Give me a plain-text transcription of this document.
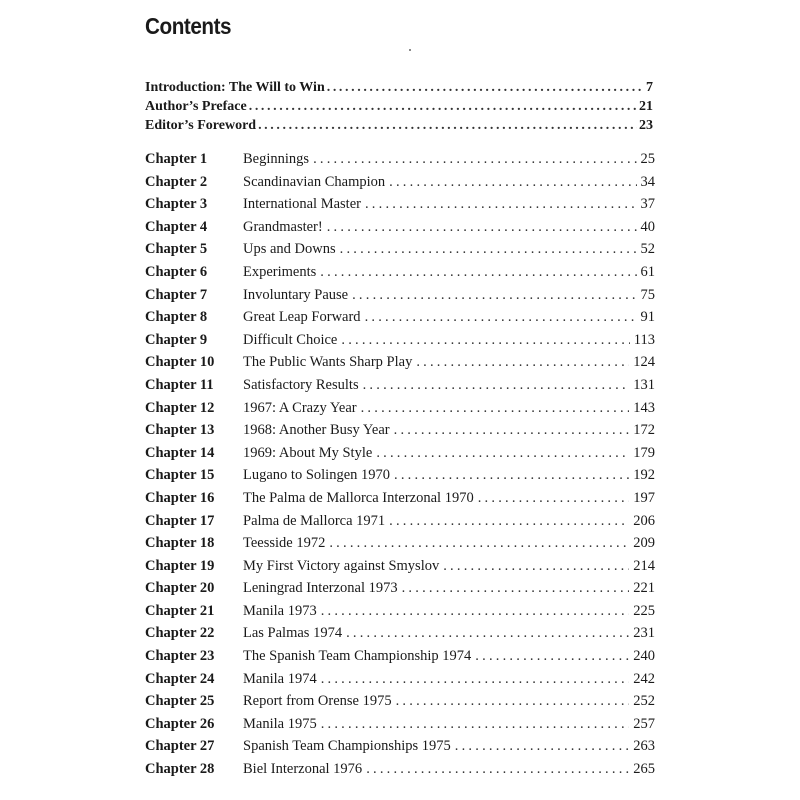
Contents
Introduction: The Will to Win .....	7
Author’s Preface .....	21
Editor’s Foreword .....	23
Chapter 1	Beginnings .....	25
Chapter 2	Scandinavian Champion .....	34
Chapter 3	International Master .....	37
Chapter 4	Grandmaster! .....	40
Chapter 5	Ups and Downs .....	52
Chapter 6	Experiments .....	61
Chapter 7	Involuntary Pause .....	75
Chapter 8	Great Leap Forward .....	91
Chapter 9	Difficult Choice .....	113
Chapter 10	The Public Wants Sharp Play .....	124
Chapter 11	Satisfactory Results .....	131
Chapter 12	1967: A Crazy Year .....	143
Chapter 13	1968: Another Busy Year .....	172
Chapter 14	1969: About My Style .....	179
Chapter 15	Lugano to Solingen 1970 .....	192
Chapter 16	The Palma de Mallorca Interzonal 1970 .....	197
Chapter 17	Palma de Mallorca 1971 .....	206
Chapter 18	Teesside 1972 .....	209
Chapter 19	My First Victory against Smyslov .....	214
Chapter 20	Leningrad Interzonal 1973 .....	221
Chapter 21	Manila 1973 .....	225
Chapter 22	Las Palmas 1974 .....	231
Chapter 23	The Spanish Team Championship 1974 .....	240
Chapter 24	Manila 1974 .....	242
Chapter 25	Report from Orense 1975 .....	252
Chapter 26	Manila 1975 .....	257
Chapter 27	Spanish Team Championships 1975 .....	263
Chapter 28	Biel Interzonal 1976 .....	265
